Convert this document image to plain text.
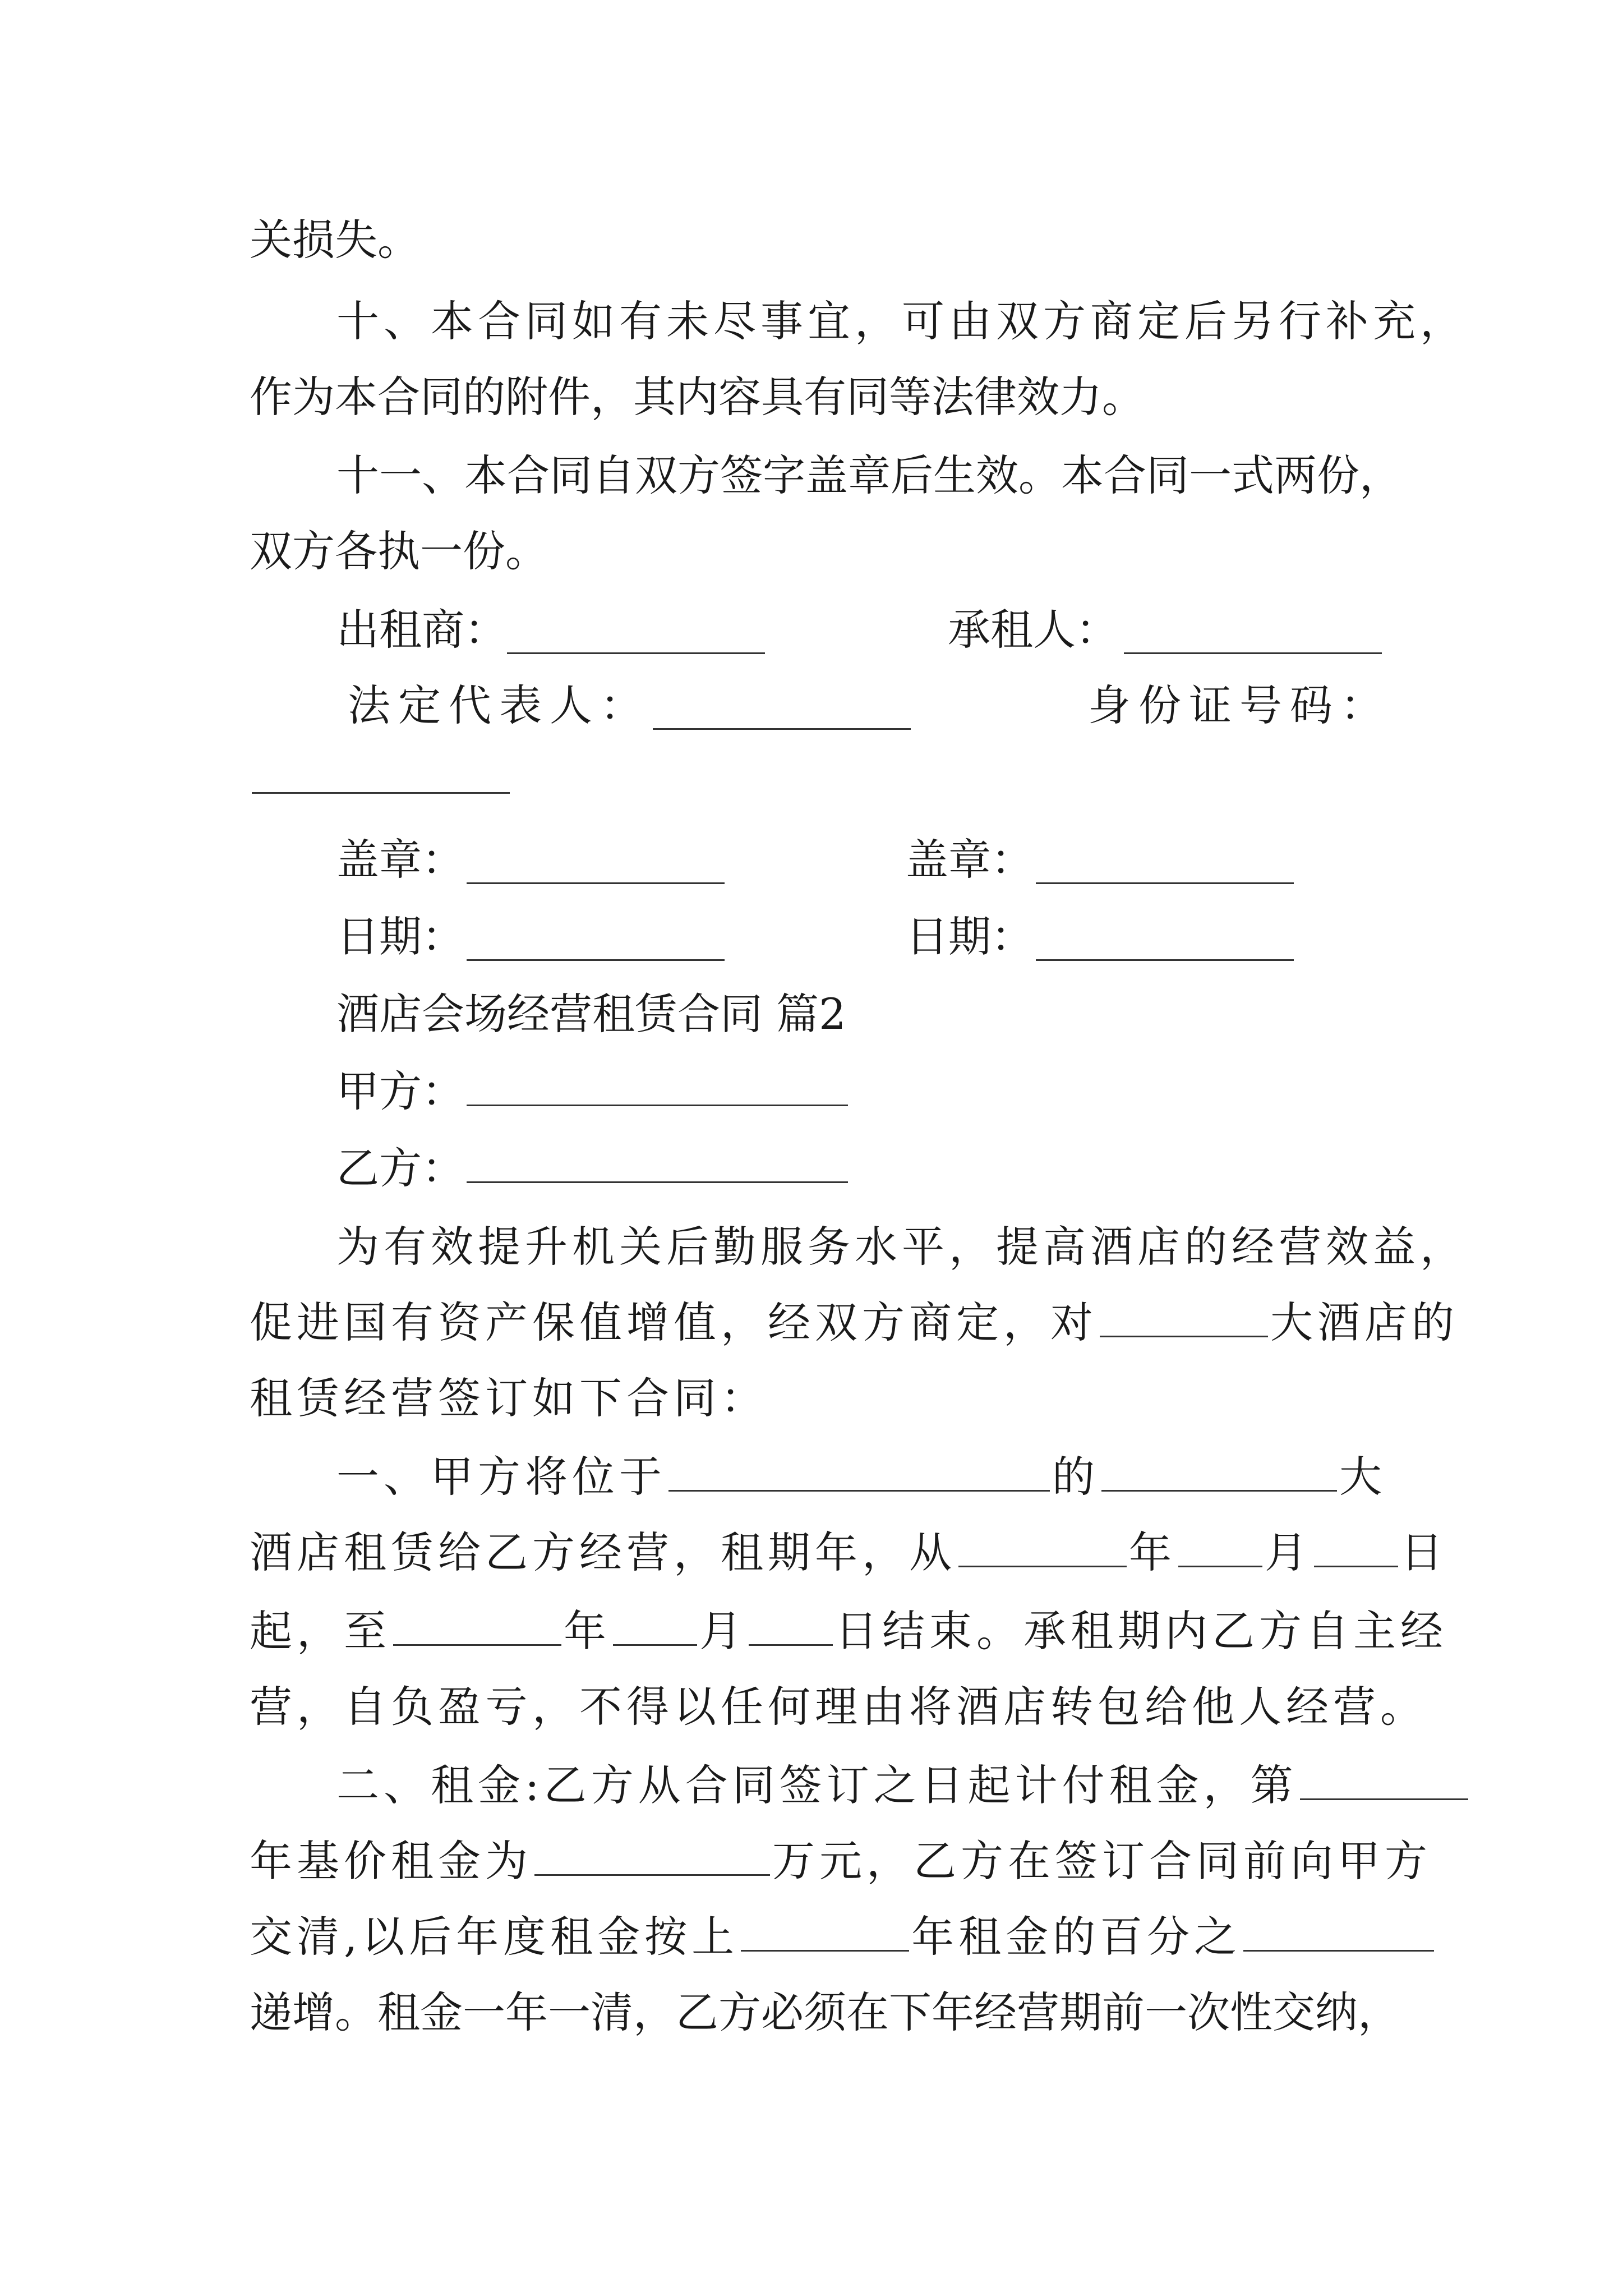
关损失。
十、本合同如有未尽事宜，可由双方商定后另行补充，
作为本合同的附件，其内容具有同等法律效力。
十一、本合同自双方签字盖章后生效。本合同一式两份，
双方各执一份。
出租商：	承租人：
法定代表人：	身份证号码：
盖章：	盖章：
日期：	日期：
酒店会场经营租赁合同 篇2
甲方：
乙方：
为有效提升机关后勤服务水平，提高酒店的经营效益，
促进国有资产保值增值，经双方商定，对	大酒店的
租赁经营签订如下合同：
一、甲方将位于	的	大
酒店租赁给乙方经营，租期年，从	年 月 日
起，至	年 月 日结束。承租期内乙方自主经
营，自负盈亏，不得以任何理由将酒店转包给他人经营。
二、租金:乙方从合同签订之日起计付租金，第
年基价租金为	万元，乙方在签订合同前向甲方
交清,以后年度租金按上	年租金的百分之
递增。租金一年一清，乙方必须在下年经营期前一次性交纳，
